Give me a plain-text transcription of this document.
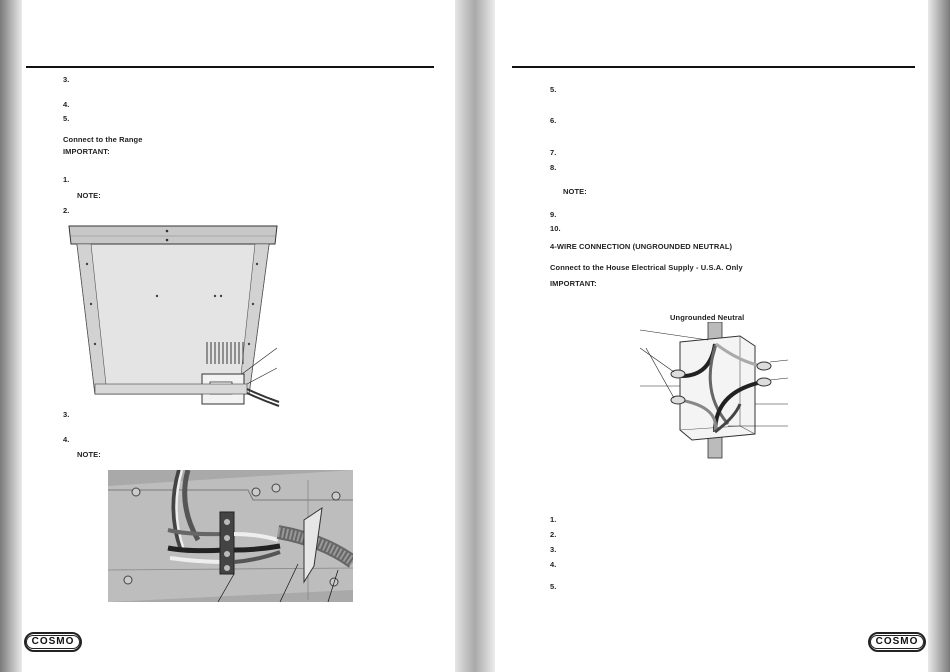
3.
4.
5.
Connect to the Range
IMPORTANT:
1.
NOTE:
2.
3.
4.
NOTE:
COSMO
5.
6.
7.
8.
NOTE:
9.
10.
4-WIRE CONNECTION (UNGROUNDED NEUTRAL)
Connect to the House Electrical Supply - U.S.A. Only
IMPORTANT:
Ungrounded Neutral
1.
2.
3.
4.
5.
COSMO
